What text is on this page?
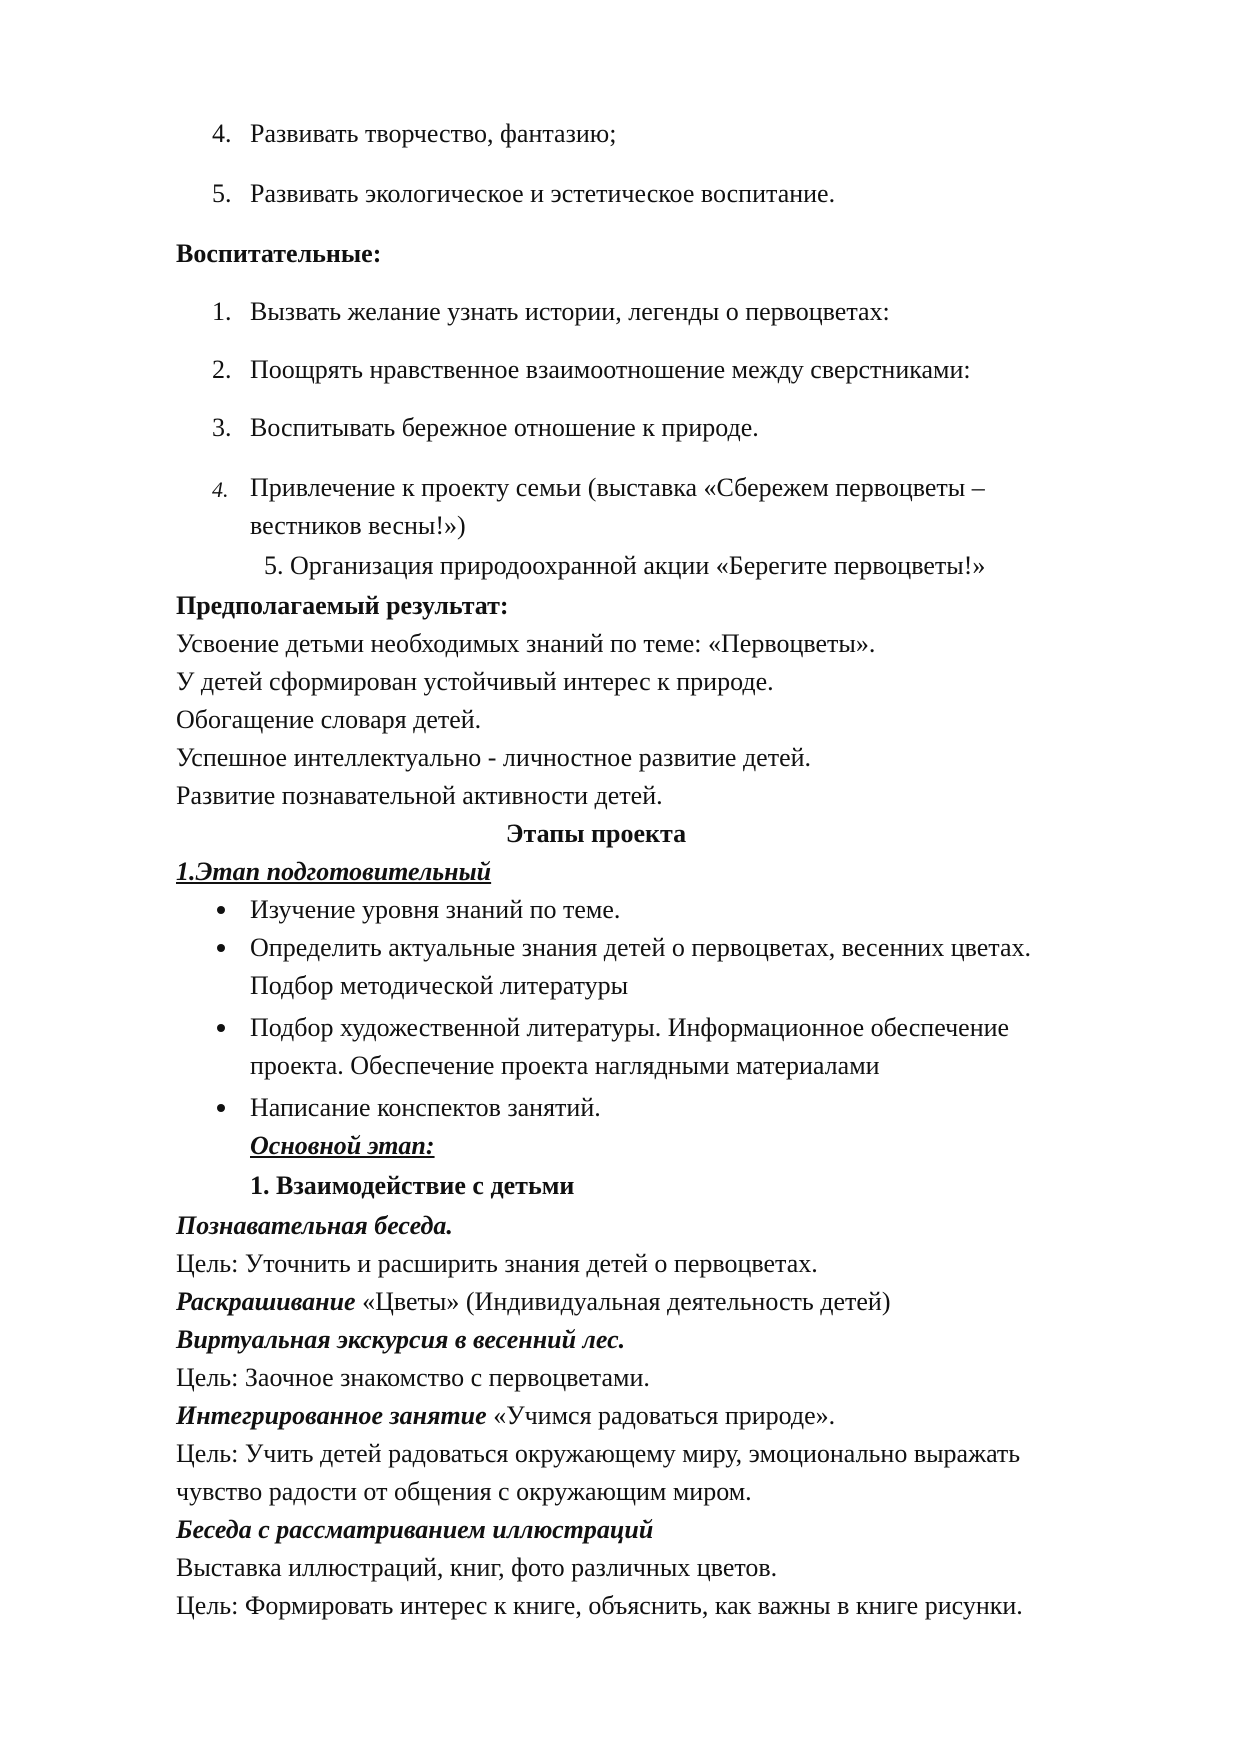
4. Развивать творчество, фантазию;
5. Развивать экологическое и эстетическое воспитание.
Воспитательные:
1. Вызвать желание узнать истории, легенды о первоцветах:
2. Поощрять нравственное взаимоотношение между сверстниками:
3. Воспитывать бережное отношение к природе.
4. Привлечение к проекту семьи (выставка «Сбережем первоцветы –
вестников весны!»)
5. Организация природоохранной акции «Берегите первоцветы!»
Предполагаемый результат:
Усвоение детьми необходимых знаний по теме: «Первоцветы».
У детей сформирован устойчивый интерес к природе.
Обогащение словаря детей.
Успешное интеллектуально - личностное развитие детей.
Развитие познавательной активности детей.
Этапы проекта
1.Этап подготовительный
Изучение уровня знаний по теме.
Определить актуальные знания детей о первоцветах, весенних цветах.
Подбор методической литературы
Подбор художественной литературы. Информационное обеспечение
проекта. Обеспечение проекта наглядными материалами
Написание конспектов занятий.
Основной этап:
1. Взаимодействие с детьми
Познавательная беседа.
Цель: Уточнить и расширить знания детей о первоцветах.
Раскрашивание «Цветы» (Индивидуальная деятельность детей)
Виртуальная экскурсия в весенний лес.
Цель: Заочное знакомство с первоцветами.
Интегрированное занятие «Учимся радоваться природе».
Цель: Учить детей радоваться окружающему миру, эмоционально выражать
чувство радости от общения с окружающим миром.
Беседа с рассматриванием иллюстраций
Выставка иллюстраций, книг, фото различных цветов.
Цель: Формировать интерес к книге, объяснить, как важны в книге рисунки.
